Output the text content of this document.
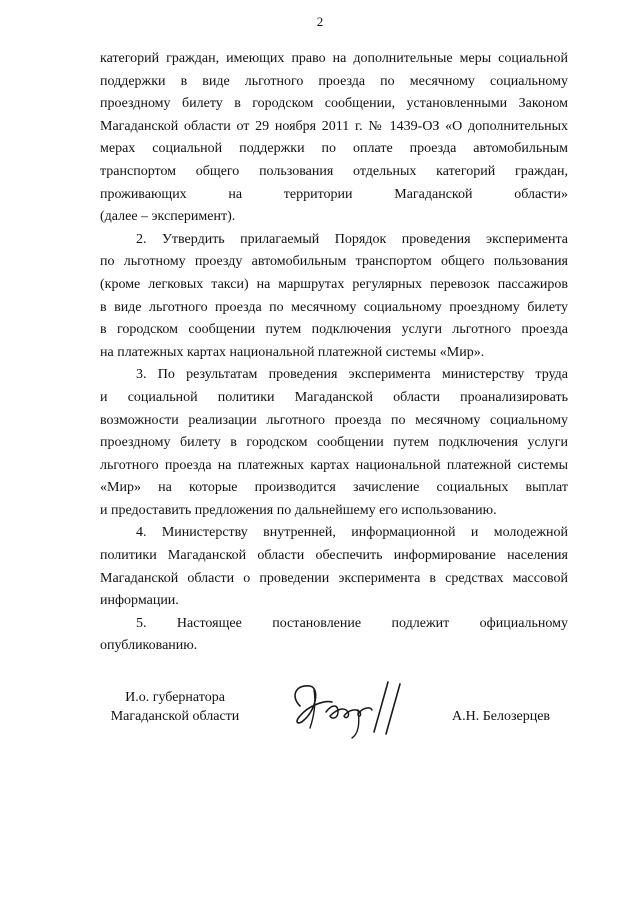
2
категорий граждан, имеющих право на дополнительные меры социальной
поддержки в виде льготного проезда по месячному социальному
проездному билету в городском сообщении, установленными Законом
Магаданской области от 29 ноября 2011 г. № 1439-ОЗ «О дополнительных
мерах социальной поддержки по оплате проезда автомобильным
транспортом общего пользования отдельных категорий граждан,
проживающих на территории Магаданской области»
(далее – эксперимент).
2. Утвердить прилагаемый Порядок проведения эксперимента
по льготному проезду автомобильным транспортом общего пользования
(кроме легковых такси) на маршрутах регулярных перевозок пассажиров
в виде льготного проезда по месячному социальному проездному билету
в городском сообщении путем подключения услуги льготного проезда
на платежных картах национальной платежной системы «Мир».
3. По результатам проведения эксперимента министерству труда
и социальной политики Магаданской области проанализировать
возможности реализации льготного проезда по месячному социальному
проездному билету в городском сообщении путем подключения услуги
льготного проезда на платежных картах национальной платежной системы
«Мир» на которые производится зачисление социальных выплат
и предоставить предложения по дальнейшему его использованию.
4. Министерству внутренней, информационной и молодежной
политики Магаданской области обеспечить информирование населения
Магаданской области о проведении эксперимента в средствах массовой
информации.
5. Настоящее постановление подлежит официальному
опубликованию.
И.о. губернатора
Магаданской области	А.Н. Белозерцев
